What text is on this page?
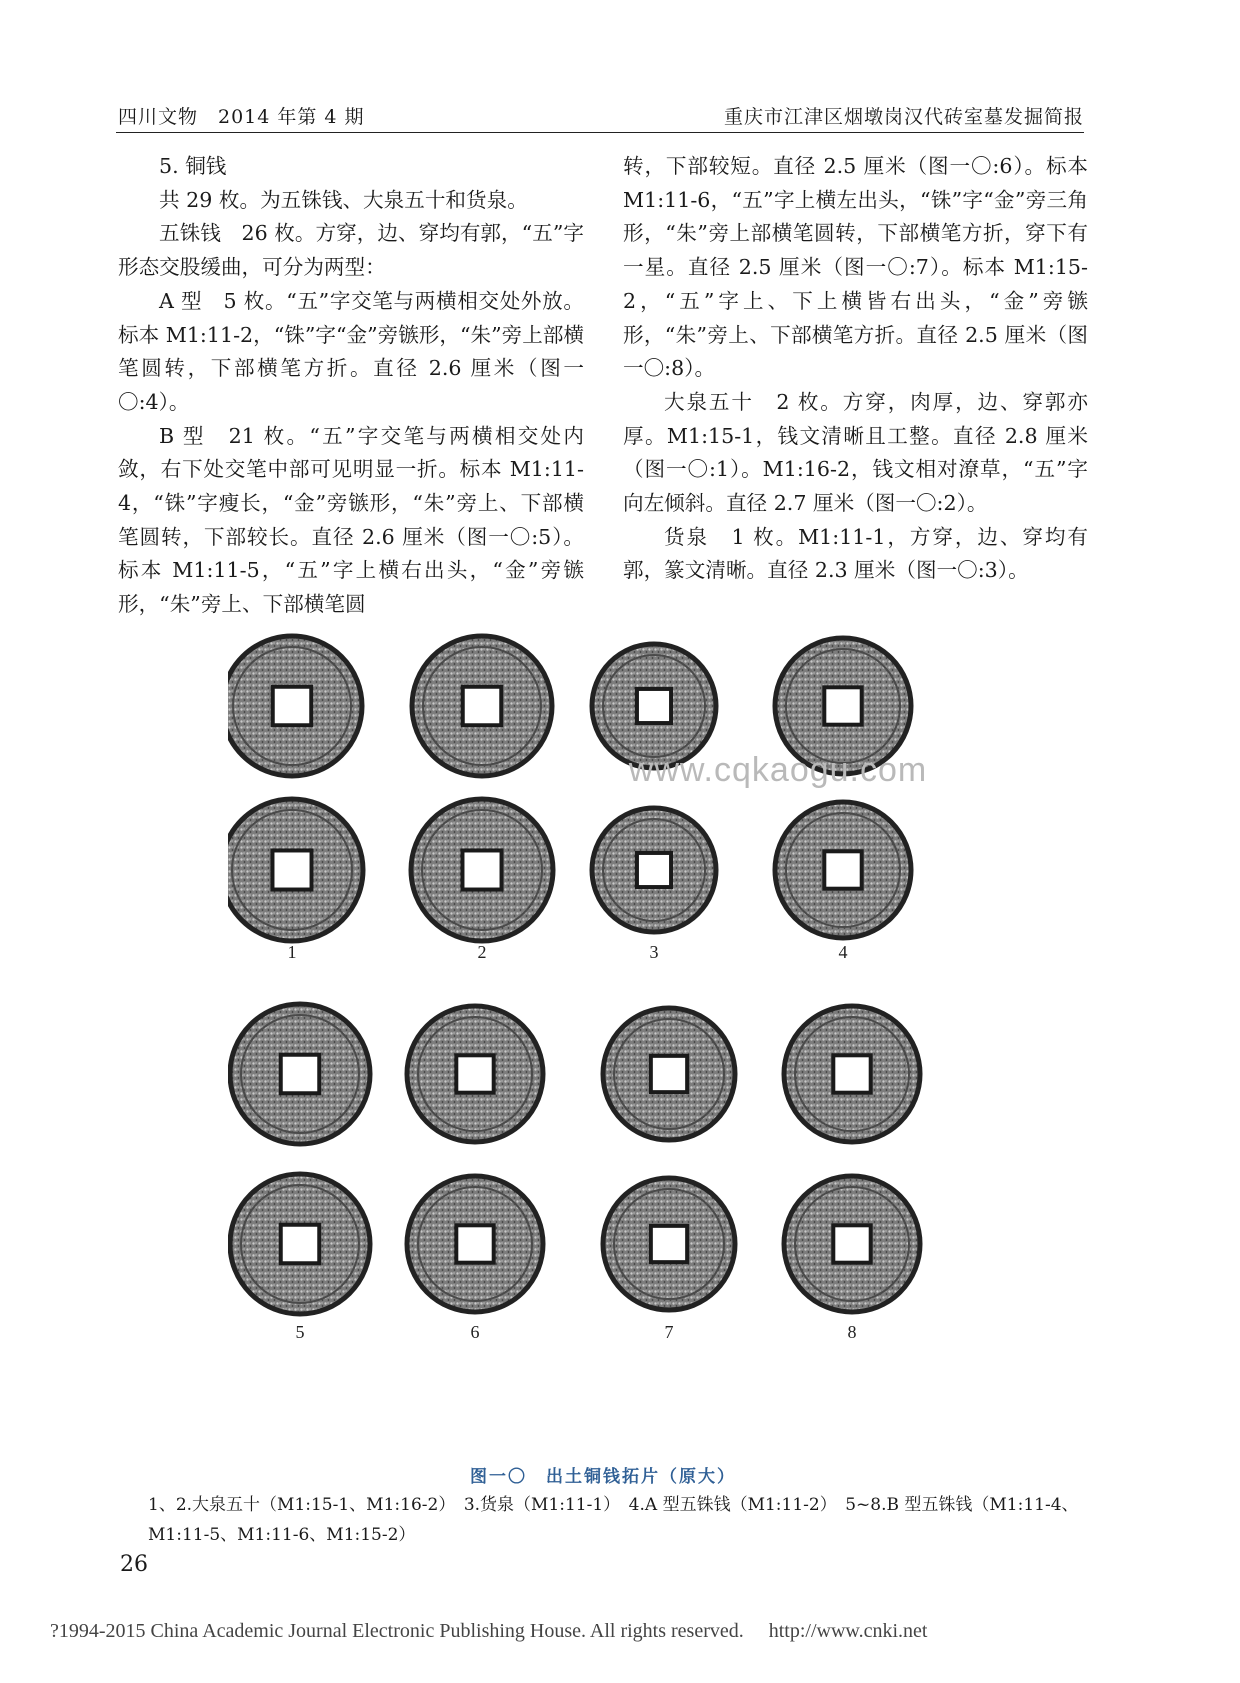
四川文物　2014 年第 4 期	重庆市江津区烟墩岗汉代砖室墓发掘简报

5. 铜钱

共 29 枚。为五铢钱、大泉五十和货泉。

五铢钱　26 枚。方穿，边、穿均有郭，“五”字形态交股缓曲，可分为两型：

A 型　5 枚。“五”字交笔与两横相交处外放。标本 M1:11-2，“铢”字“金”旁镞形，“朱”旁上部横笔圆转，下部横笔方折。直径 2.6 厘米（图一〇:4）。

B 型　21 枚。“五”字交笔与两横相交处内敛，右下处交笔中部可见明显一折。标本 M1:11-4，“铢”字瘦长，“金”旁镞形，“朱”旁上、下部横笔圆转，下部较长。直径 2.6 厘米（图一〇:5）。标本 M1:11-5，“五”字上横右出头，“金”旁镞形，“朱”旁上、下部横笔圆

转，下部较短。直径 2.5 厘米（图一〇:6）。标本 M1:11-6，“五”字上横左出头，“铢”字“金”旁三角形，“朱”旁上部横笔圆转，下部横笔方折，穿下有一星。直径 2.5 厘米（图一〇:7）。标本 M1:15-2，“五”字上、下上横皆右出头，“金”旁镞形，“朱”旁上、下部横笔方折。直径 2.5 厘米（图一〇:8）。

大泉五十　2 枚。方穿，肉厚，边、穿郭亦厚。M1:15-1，钱文清晰且工整。直径 2.8 厘米（图一〇:1）。M1:16-2，钱文相对潦草，“五”字向左倾斜。直径 2.7 厘米（图一〇:2）。

货泉　1 枚。M1:11-1，方穿，边、穿均有郭，篆文清晰。直径 2.3 厘米（图一〇:3）。

www.cqkaogu.com
1	2	3	4
5	6	7	8
图一〇　出土铜钱拓片（原大）
1、2.大泉五十（M1:15-1、M1:16-2）　3.货泉（M1:11-1）　4.A 型五铢钱（M1:11-2）　5~8.B 型五铢钱（M1:11-4、M1:11-5、M1:11-6、M1:15-2）
26
?1994-2015 China Academic Journal Electronic Publishing House. All rights reserved. http://www.cnki.net
